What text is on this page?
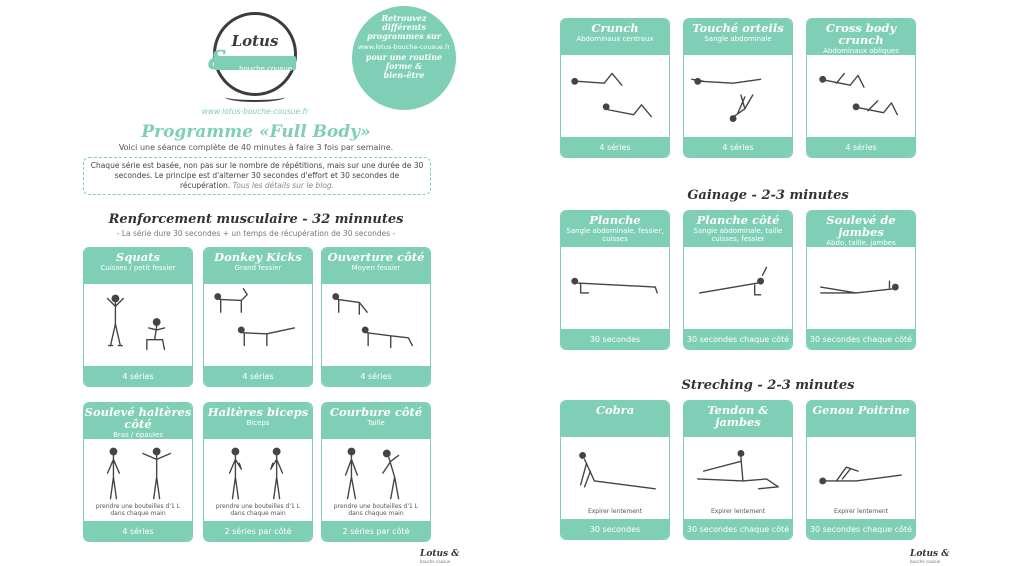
Lotus
bouche cousue
&
www.lotus-bouche-cousue.fr
Retrouvez
différents
programmes sur
www.lotus-bouche-cousue.fr
pour une routine
forme &
bien-être
Programme «Full Body»
Voici une séance complète de 40 minutes à faire 3 fois par semaine.
Chaque série est basée, non pas sur le nombre de répétitions, mais sur une durée de 30 secondes. Le principe est d'alterner 30 secondes d'effort et 30 secondes de récupération. Tous les détails sur le blog.
Renforcement musculaire - 32 minnutes
- La série dure 30 secondes + un temps de récupération de 30 secondes -
Squats
Cuisses / petit fessier
4 séries
Donkey Kicks
Grand fessier
4 séries
Ouverture côté
Moyen fessier
4 séries
Soulevé haltères côté
Bras / épaules
prendre une bouteilles d'1 L dans chaque main
4 séries
Haltères biceps
Biceps
prendre une bouteilles d'1 L dans chaque main
2 séries par côté
Courbure côté
Taille
prendre une bouteilles d'1 L dans chaque main
2 séries par côté
Lotus &
bouche cousue
Crunch
Abdominaux centraux
4 séries
Touché orteils
Sangle abdominale
4 séries
Cross body crunch
Abdominaux obliques
4 séries
Gainage - 2-3 minutes
Planche
Sangle abdominale, fessier, cuisses
30 secondes
Planche côté
Sangle abdominale, taille cuisses, fessier
30 secondes chaque côté
Soulevé de jambes
Abdo, taille, jambes
30 secondes chaque côté
Streching - 2-3 minutes
Cobra
Expirer lentement
30 secondes
Tendon & jambes
Expirer lentement
30 secondes chaque côté
Genou Poitrine
Expirer lentement
30 secondes chaque côté
Lotus &
bouche cousue
